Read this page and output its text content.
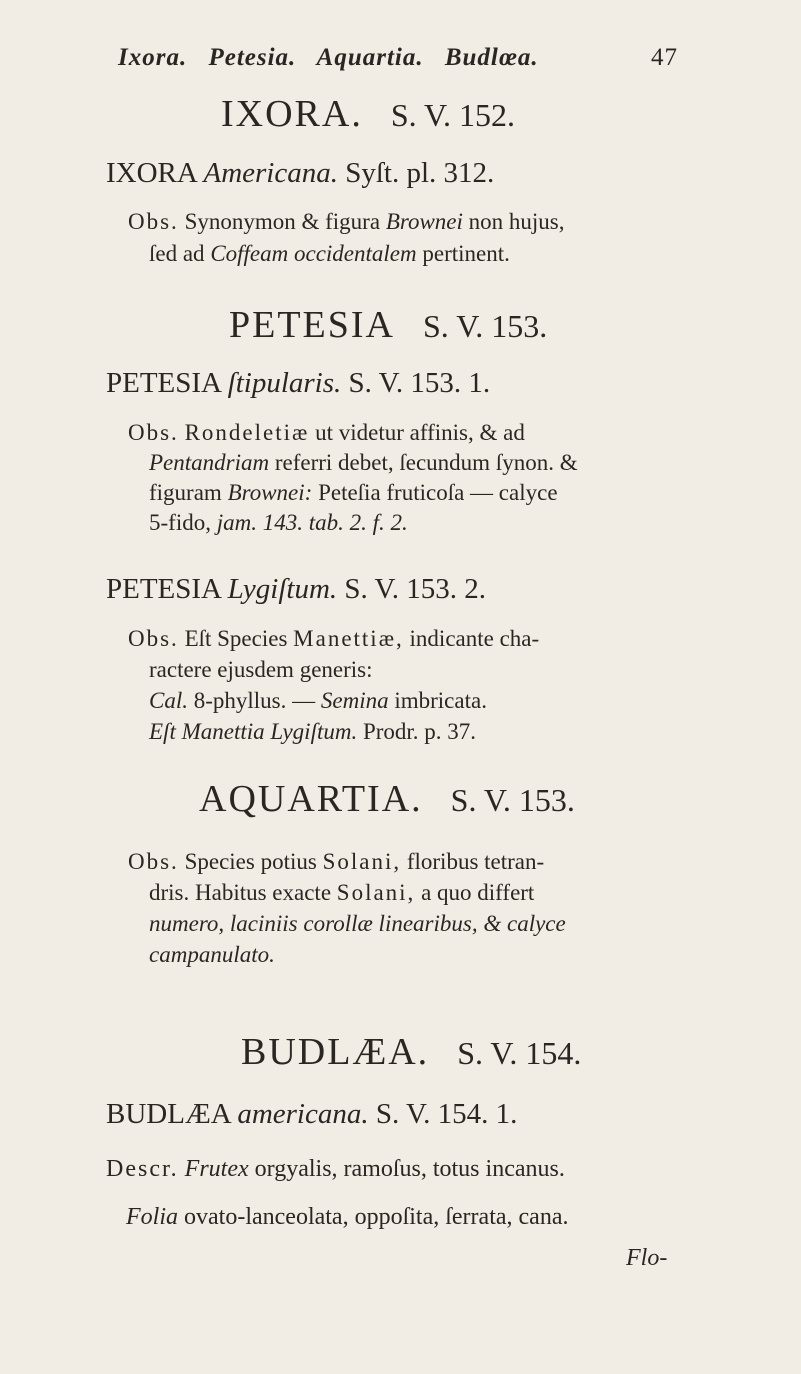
Ixora. Petesia. Aquartia. Budlœa.	47
IXORA. S. V. 152.
IXORA Americana. Syſt. pl. 312.
Obs. Synonymon & figura Brownei non hujus,
ſed ad Coffeam occidentalem pertinent.
PETESIA S. V. 153.
PETESIA ſtipularis. S. V. 153. 1.
Obs. Rondeletiæ ut videtur affinis, & ad
Pentandriam referri debet, ſecundum ſynon. &
figuram Brownei: Peteſia fruticoſa — calyce
5-fido, jam. 143. tab. 2. f. 2.
PETESIA Lygiſtum. S. V. 153. 2.
Obs. Eſt Species Manettiæ, indicante cha-
ractere ejusdem generis:
Cal. 8-phyllus. — Semina imbricata.
Eſt Manettia Lygiſtum. Prodr. p. 37.
AQUARTIA. S. V. 153.
Obs. Species potius Solani, floribus tetran-
dris. Habitus exacte Solani, a quo differt
numero, laciniis corollæ linearibus, & calyce
campanulato.
BUDLÆA. S. V. 154.
BUDLÆA americana. S. V. 154. 1.
Descr. Frutex orgyalis, ramoſus, totus incanus.
Folia ovato-lanceolata, oppoſita, ſerrata, cana.
Flo-
